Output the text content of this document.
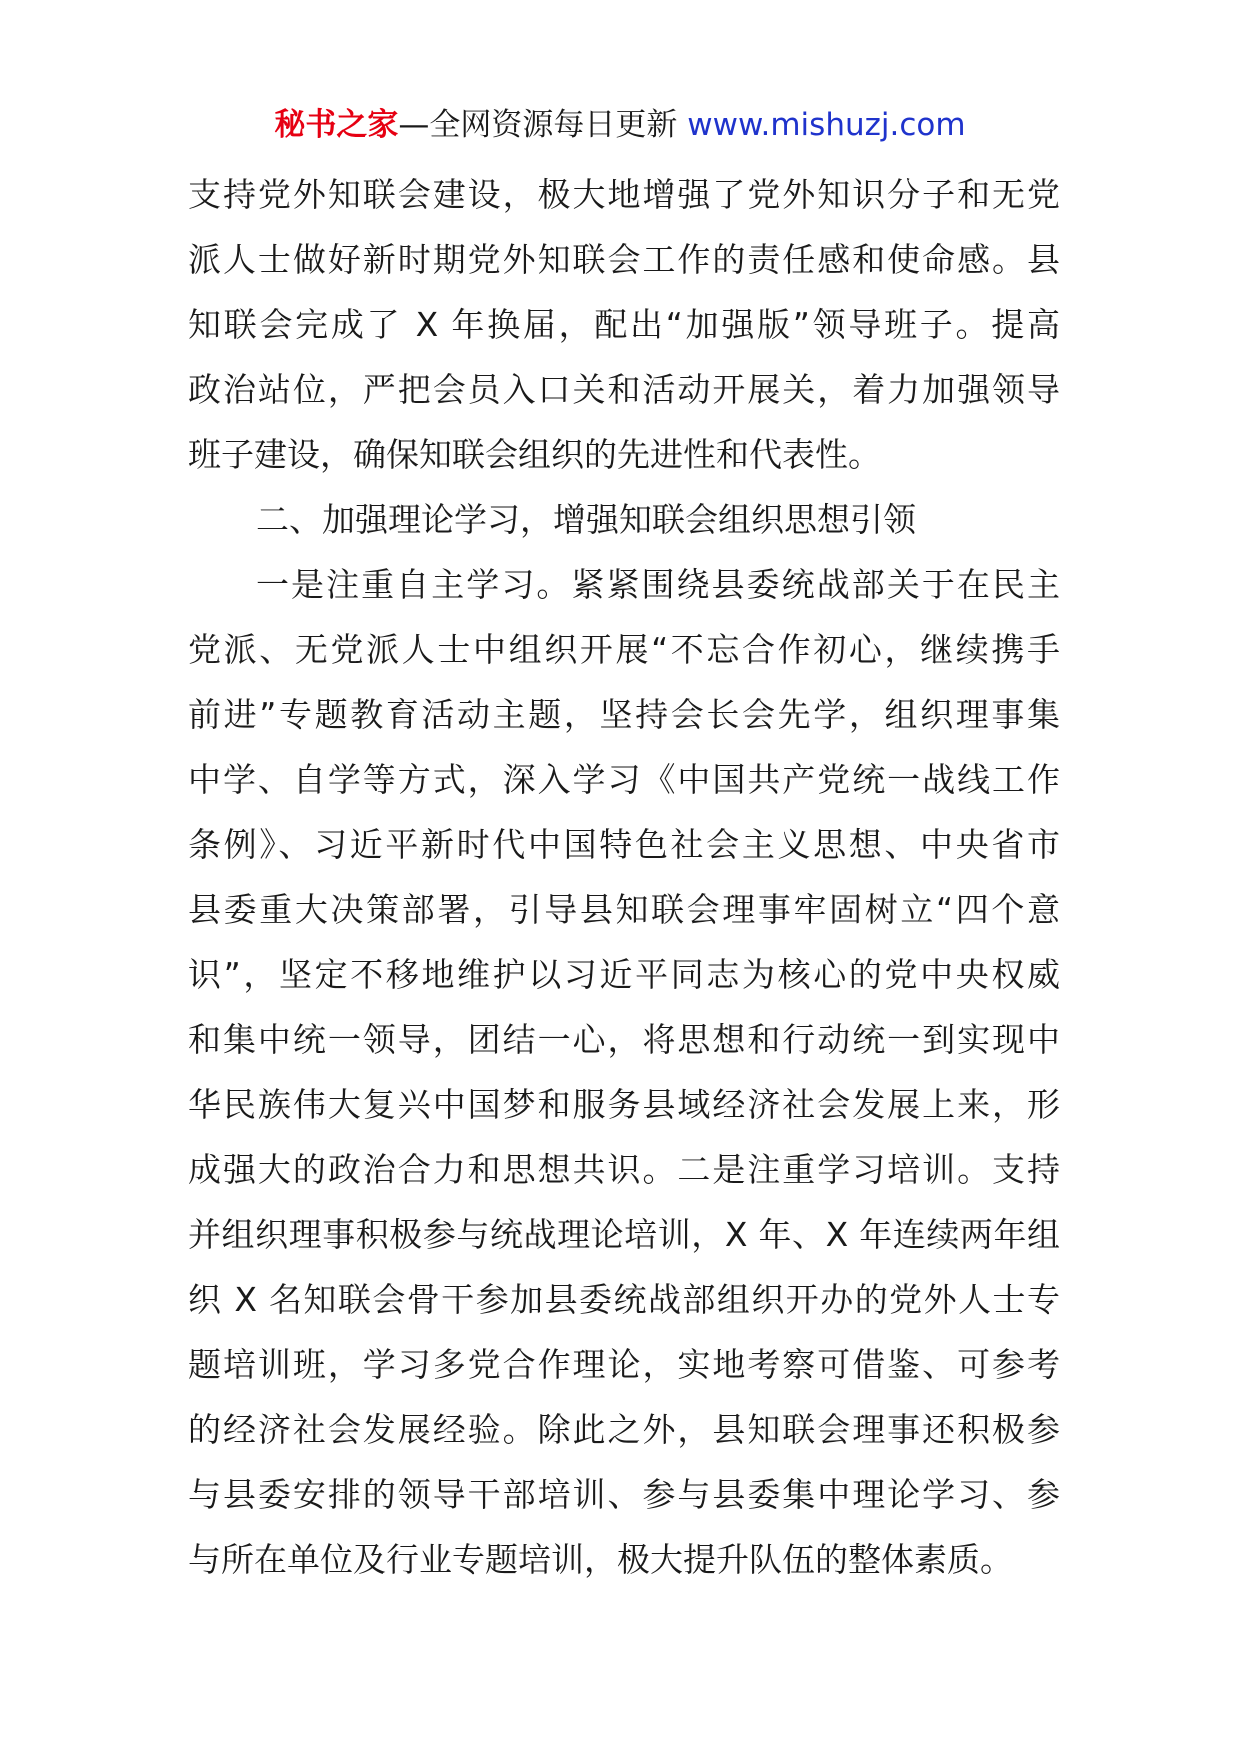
秘书之家—全网资源每日更新 www.mishuzj.com
支持党外知联会建设，极大地增强了党外知识分子和无党
派人士做好新时期党外知联会工作的责任感和使命感。县
知联会完成了 X 年换届，配出“加强版”领导班子。提高
政治站位，严把会员入口关和活动开展关，着力加强领导
班子建设，确保知联会组织的先进性和代表性。
二、加强理论学习，增强知联会组织思想引领
一是注重自主学习。紧紧围绕县委统战部关于在民主
党派、无党派人士中组织开展“不忘合作初心，继续携手
前进”专题教育活动主题，坚持会长会先学，组织理事集
中学、自学等方式，深入学习《中国共产党统一战线工作
条例》、习近平新时代中国特色社会主义思想、中央省市
县委重大决策部署，引导县知联会理事牢固树立“四个意
识”，坚定不移地维护以习近平同志为核心的党中央权威
和集中统一领导，团结一心，将思想和行动统一到实现中
华民族伟大复兴中国梦和服务县域经济社会发展上来，形
成强大的政治合力和思想共识。二是注重学习培训。支持
并组织理事积极参与统战理论培训，X 年、X 年连续两年组
织 X 名知联会骨干参加县委统战部组织开办的党外人士专
题培训班，学习多党合作理论，实地考察可借鉴、可参考
的经济社会发展经验。除此之外，县知联会理事还积极参
与县委安排的领导干部培训、参与县委集中理论学习、参
与所在单位及行业专题培训，极大提升队伍的整体素质。
